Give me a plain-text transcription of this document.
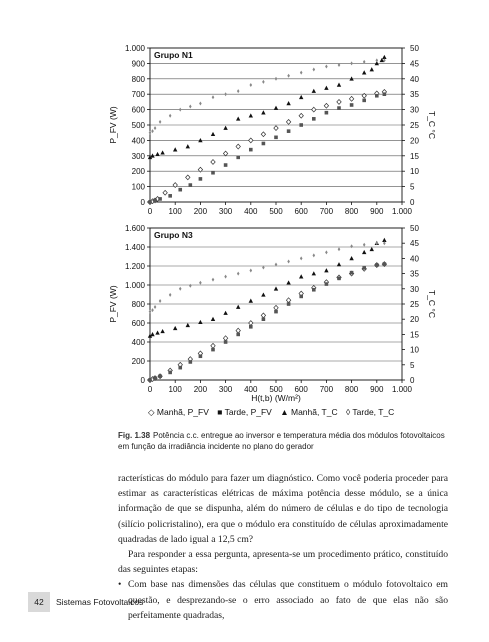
0
100
200
300
400
500
600
700
800
900
1.000
0
5
10
15
20
25
30
35
40
45
50
0 100 200 300 400 500 600 700 800 900 1.000
Grupo N1
P_FV (W)	T_C °C
0
200
400
600
800
1.000
1.200
1.400
1.600
0
5
10
15
20
25
30
35
40
45
50
0 100 200 300 400 500 600 700 800 900 1.000
Grupo N3
P_FV (W)	T_C °C
H(t,b) (W/m²)
◇ Manhã, P_FV ■ Tarde, P_FV ▲ Manhã, T_C ◊ Tarde, T_C
Fig. 1.38 Potência c.c. entregue ao inversor e temperatura média dos módulos fotovoltaicos em função da irradiância incidente no plano do gerador

racterísticas do módulo para fazer um diagnóstico. Como você poderia proceder para estimar as características elétricas de máxima potência desse módulo, se a única informação de que se dispunha, além do número de células e do tipo de tecnologia (silício policristalino), era que o módulo era constituído de células aproximadamente quadradas de lado igual a 12,5 cm?

Para responder a essa pergunta, apresenta-se um procedimento prático, constituído das seguintes etapas:

• Com base nas dimensões das células que constituem o módulo fotovoltaico em questão, e desprezando-se o erro associado ao fato de que elas não são perfeitamente quadradas,
42	Sistemas Fotovoltaicos
